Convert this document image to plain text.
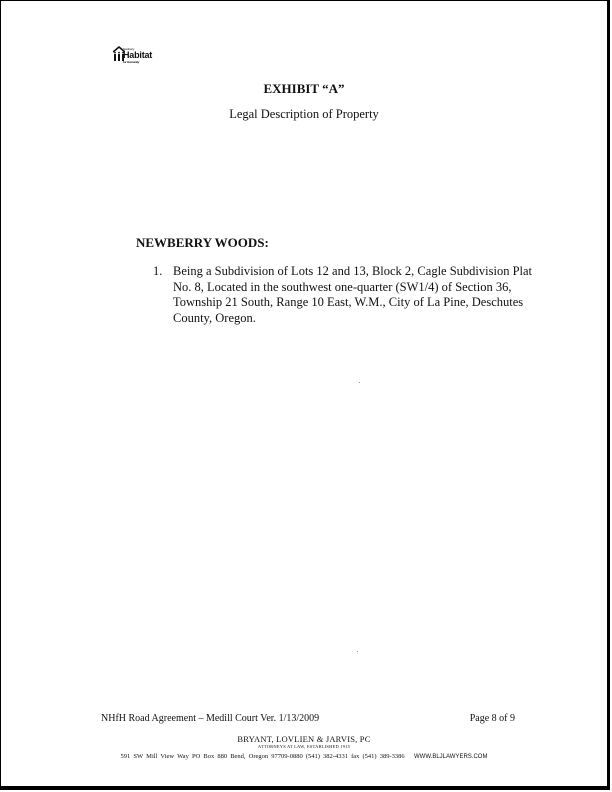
Newberry
Habitat
for Humanity
EXHIBIT “A”
Legal Description of Property
NEWBERRY WOODS:
1. Being a Subdivision of Lots 12 and 13, Block 2, Cagle Subdivision Plat No. 8, Located in the southwest one-quarter (SW1/4) of Section 36, Township 21 South, Range 10 East, W.M., City of La Pine, Deschutes County, Oregon.
NHfH Road Agreement – Medill Court Ver. 1/13/2009	Page 8 of 9
BRYANT, LOVLIEN & JARVIS, PC
ATTORNEYS AT LAW, ESTABLISHED 1915
591 SW Mill View Way PO Box 880 Bend, Oregon 97709-0880 (541) 382-4331 fax (541) 389-3386 WWW.BLJLAWYERS.COM
